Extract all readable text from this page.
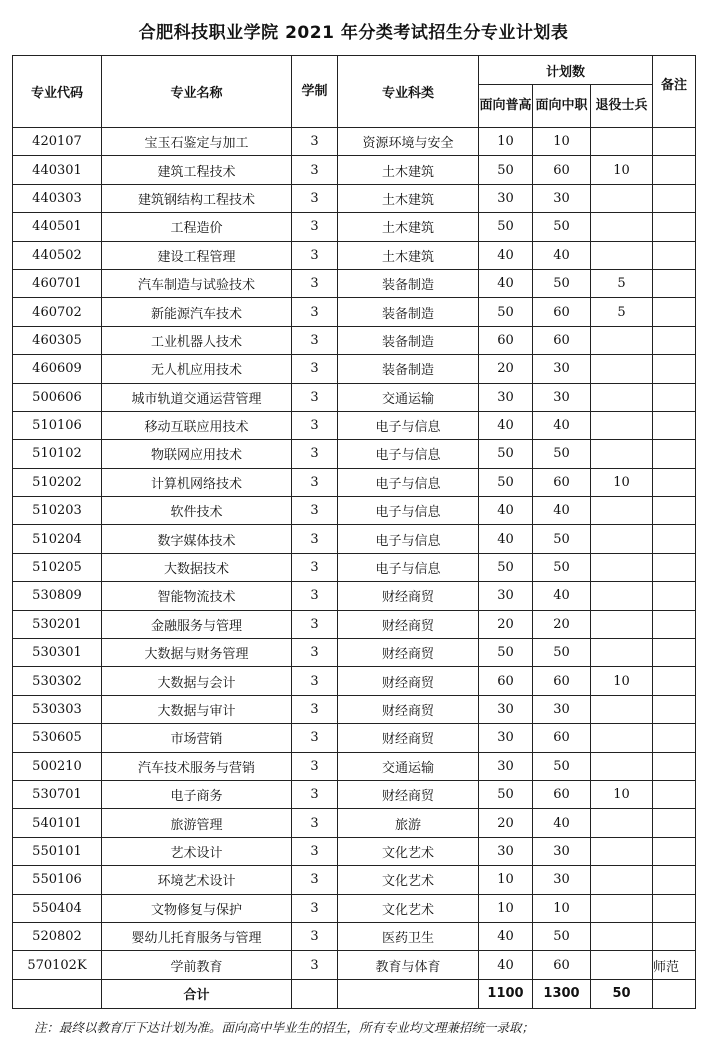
合肥科技职业学院 2021 年分类考试招生分专业计划表
专业代码	专业名称	学制	专业科类	计划数			备注
				面向普高	面向中职	退役士兵	
420107	宝玉石鉴定与加工	3	资源环境与安全	10	10		
440301	建筑工程技术	3	土木建筑	50	60	10	
440303	建筑钢结构工程技术	3	土木建筑	30	30		
440501	工程造价	3	土木建筑	50	50		
440502	建设工程管理	3	土木建筑	40	40		
460701	汽车制造与试验技术	3	装备制造	40	50	5	
460702	新能源汽车技术	3	装备制造	50	60	5	
460305	工业机器人技术	3	装备制造	60	60		
460609	无人机应用技术	3	装备制造	20	30		
500606	城市轨道交通运营管理	3	交通运输	30	30		
510106	移动互联应用技术	3	电子与信息	40	40		
510102	物联网应用技术	3	电子与信息	50	50		
510202	计算机网络技术	3	电子与信息	50	60	10	
510203	软件技术	3	电子与信息	40	40		
510204	数字媒体技术	3	电子与信息	40	50		
510205	大数据技术	3	电子与信息	50	50		
530809	智能物流技术	3	财经商贸	30	40		
530201	金融服务与管理	3	财经商贸	20	20		
530301	大数据与财务管理	3	财经商贸	50	50		
530302	大数据与会计	3	财经商贸	60	60	10	
530303	大数据与审计	3	财经商贸	30	30		
530605	市场营销	3	财经商贸	30	60		
500210	汽车技术服务与营销	3	交通运输	30	50		
530701	电子商务	3	财经商贸	50	60	10	
540101	旅游管理	3	旅游	20	40		
550101	艺术设计	3	文化艺术	30	30		
550106	环境艺术设计	3	文化艺术	10	30		
550404	文物修复与保护	3	文化艺术	10	10		
520802	婴幼儿托育服务与管理	3	医药卫生	40	50		
570102K	学前教育	3	教育与体育	40	60		师范
	合计			1100	1300	50	
注：最终以教育厅下达计划为准。面向高中毕业生的招生，所有专业均文理兼招统一录取；
